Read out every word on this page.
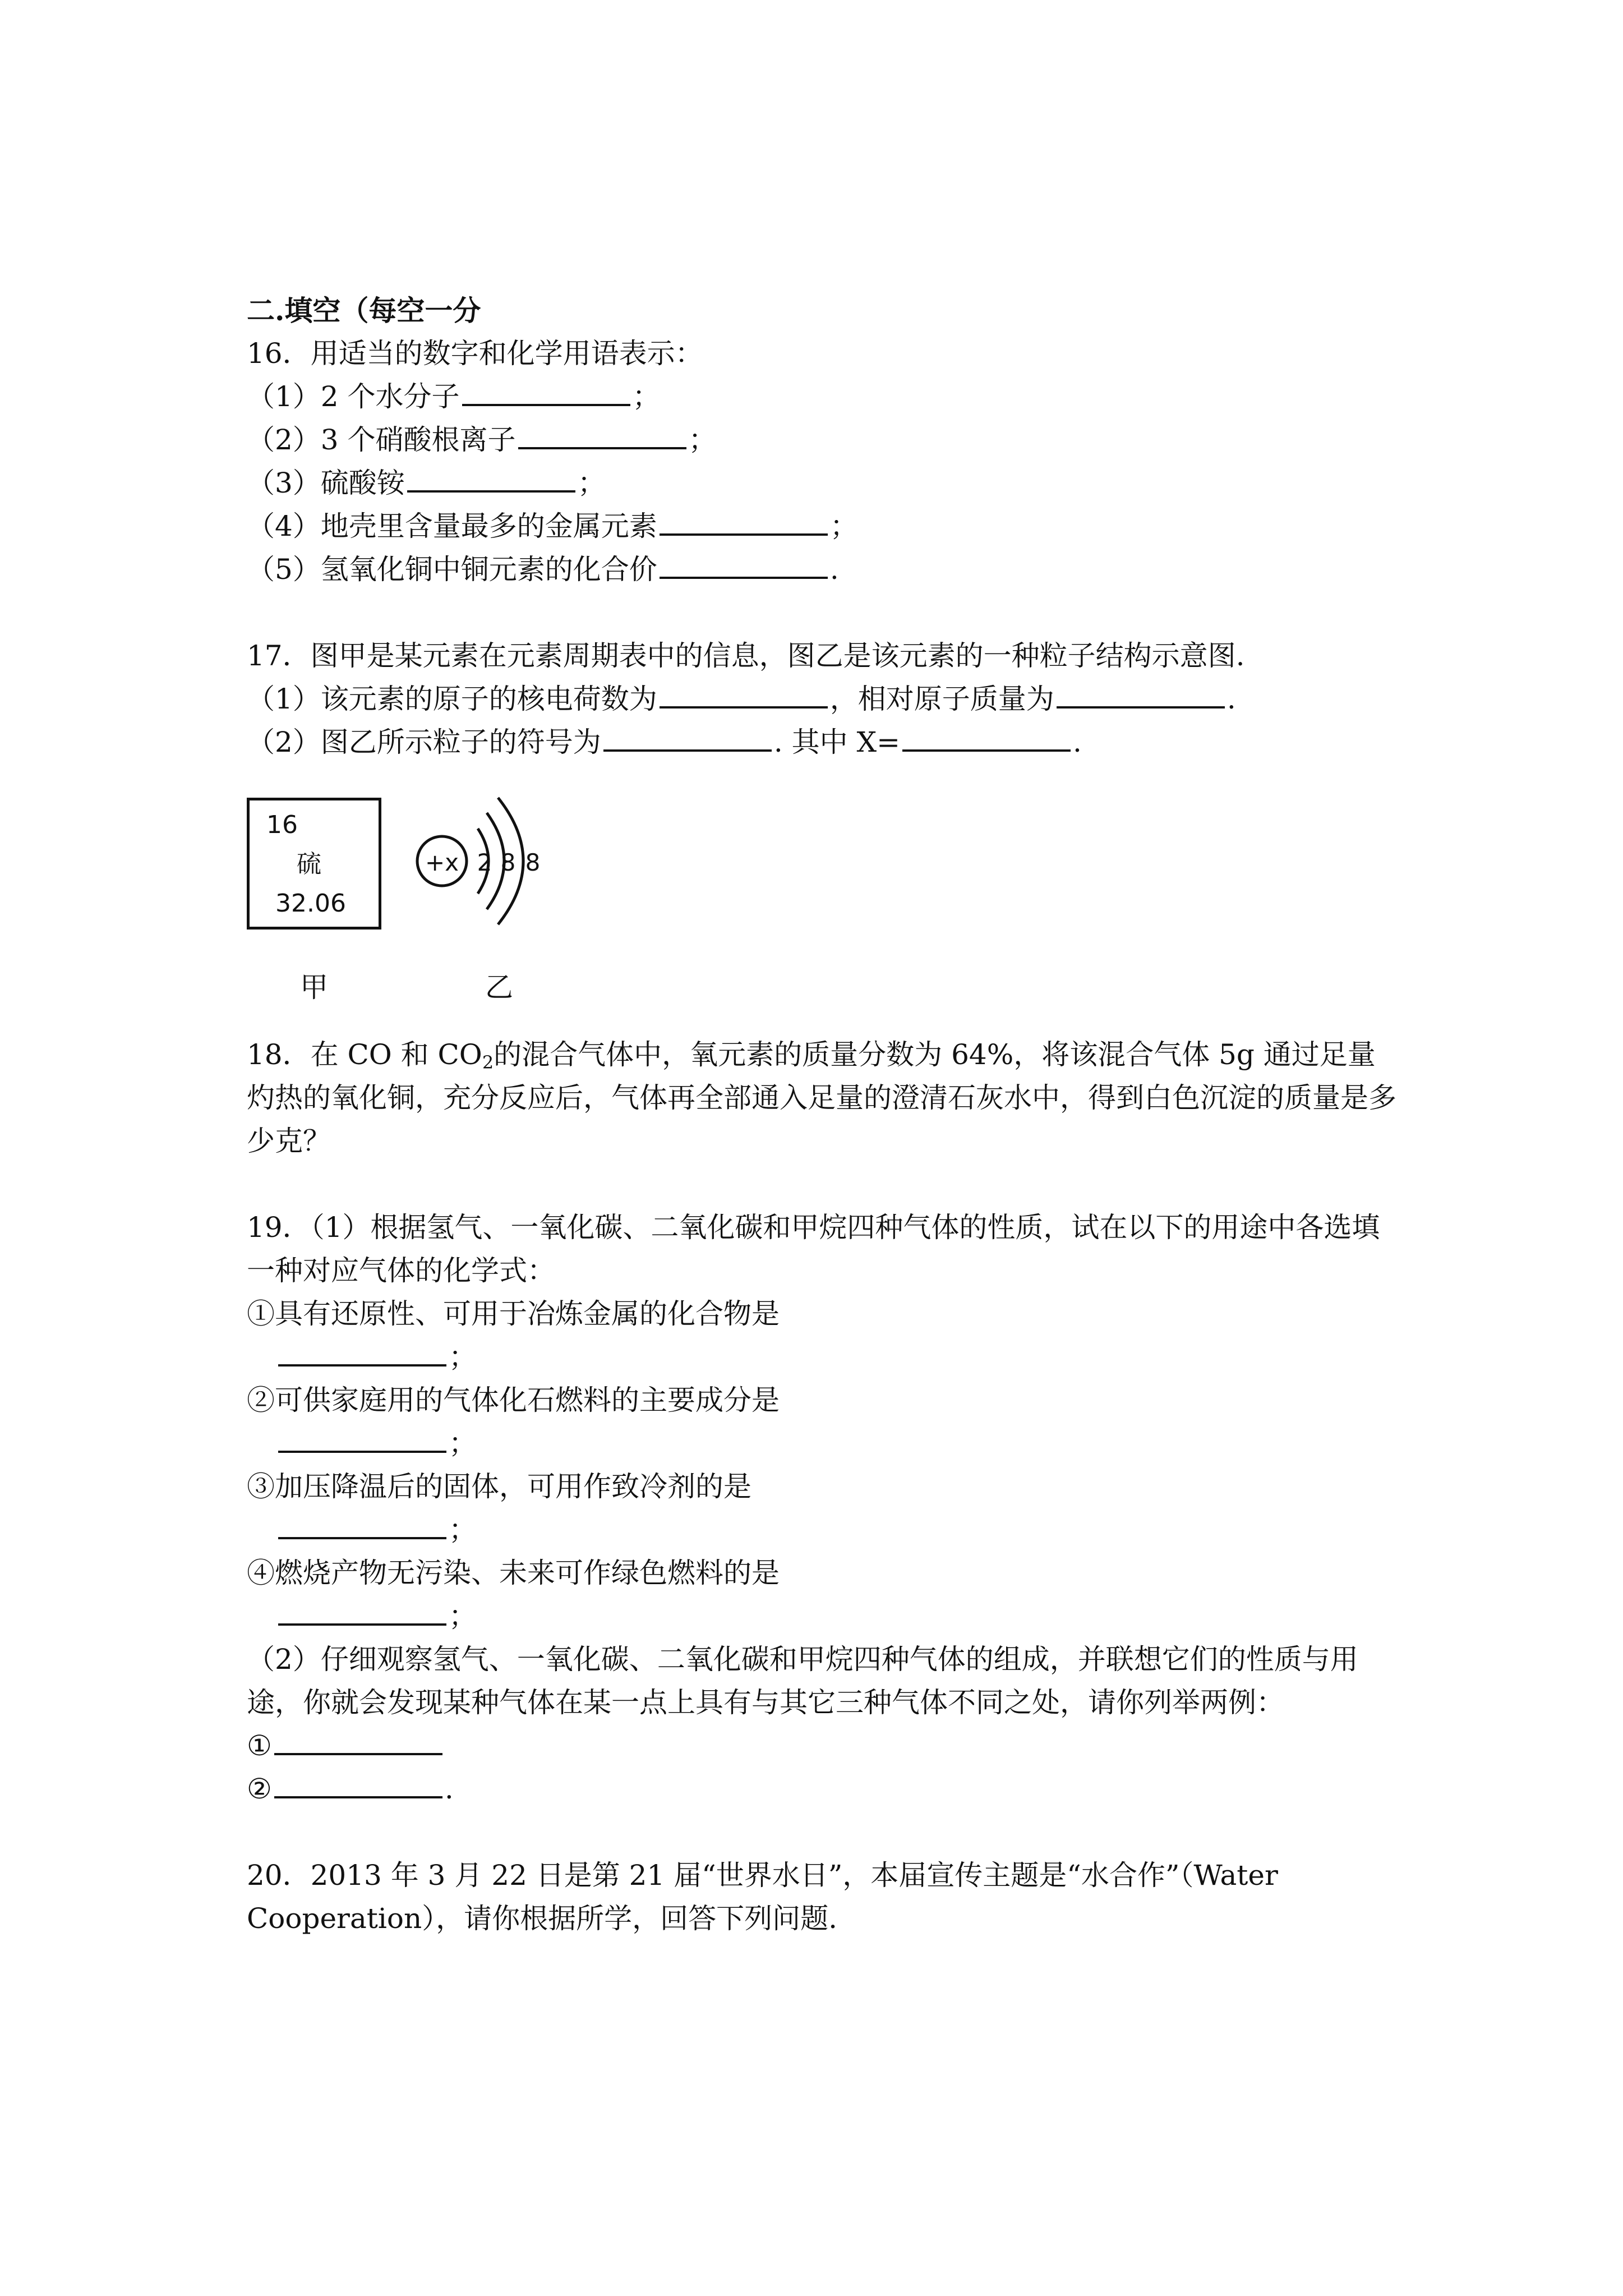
二.填空（每空一分

16．用适当的数字和化学用语表示：

（1）2 个水分子	；

（2）3 个硝酸根离子	；

（3）硫酸铵	；

（4）地壳里含量最多的金属元素	；

（5）氢氧化铜中铜元素的化合价	.

17．图甲是某元素在元素周期表中的信息，图乙是该元素的一种粒子结构示意图.

（1）该元素的原子的核电荷数为	，相对原子质量为	.

（2）图乙所示粒子的符号为	. 其中 X=	.

16
硫
32.06
+x 2 8 8
甲	乙

18．在 CO 和 $CO_2$的混合气体中，氧元素的质量分数为 64%，将该混合气体 5g 通过足量灼热的氧化铜，充分反应后，气体再全部通入足量的澄清石灰水中，得到白色沉淀的质量是多少克？

19．（1）根据氢气、一氧化碳、二氧化碳和甲烷四种气体的性质，试在以下的用途中各选填一种对应气体的化学式：

①具有还原性、可用于冶炼金属的化合物是

；

②可供家庭用的气体化石燃料的主要成分是

；

③加压降温后的固体，可用作致冷剂的是

；

④燃烧产物无污染、未来可作绿色燃料的是

；

（2）仔细观察氢气、一氧化碳、二氧化碳和甲烷四种气体的组成，并联想它们的性质与用途，你就会发现某种气体在某一点上具有与其它三种气体不同之处，请你列举两例：

①

②	.

20．2013 年 3 月 22 日是第 21 届“世界水日”，本届宣传主题是“水合作”（Water Cooperation），请你根据所学，回答下列问题.
